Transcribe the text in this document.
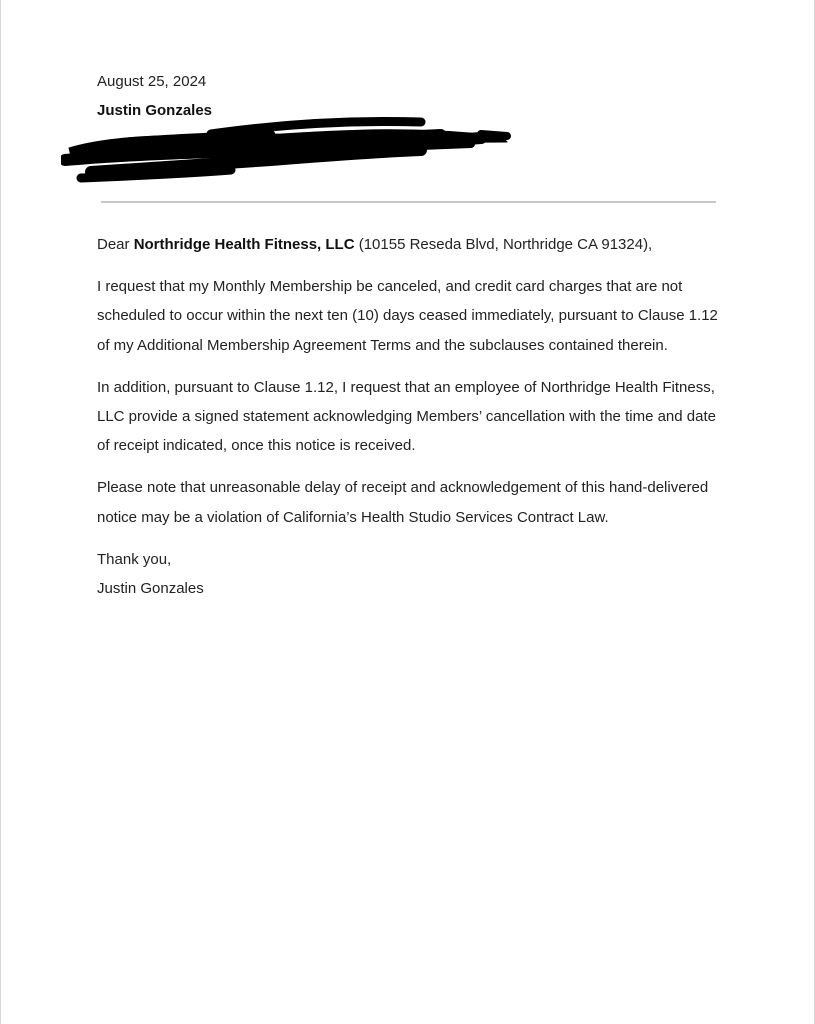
August 25, 2024
Justin Gonzales

Dear Northridge Health Fitness, LLC (10155 Reseda Blvd, Northridge CA 91324),

I request that my Monthly Membership be canceled, and credit card charges that are not scheduled to occur within the next ten (10) days ceased immediately, pursuant to Clause 1.12 of my Additional Membership Agreement Terms and the subclauses contained therein.

In addition, pursuant to Clause 1.12, I request that an employee of Northridge Health Fitness, LLC provide a signed statement acknowledging Members’ cancellation with the time and date of receipt indicated, once this notice is received.

Please note that unreasonable delay of receipt and acknowledgement of this hand-delivered notice may be a violation of California’s Health Studio Services Contract Law.

Thank you,
Justin Gonzales
